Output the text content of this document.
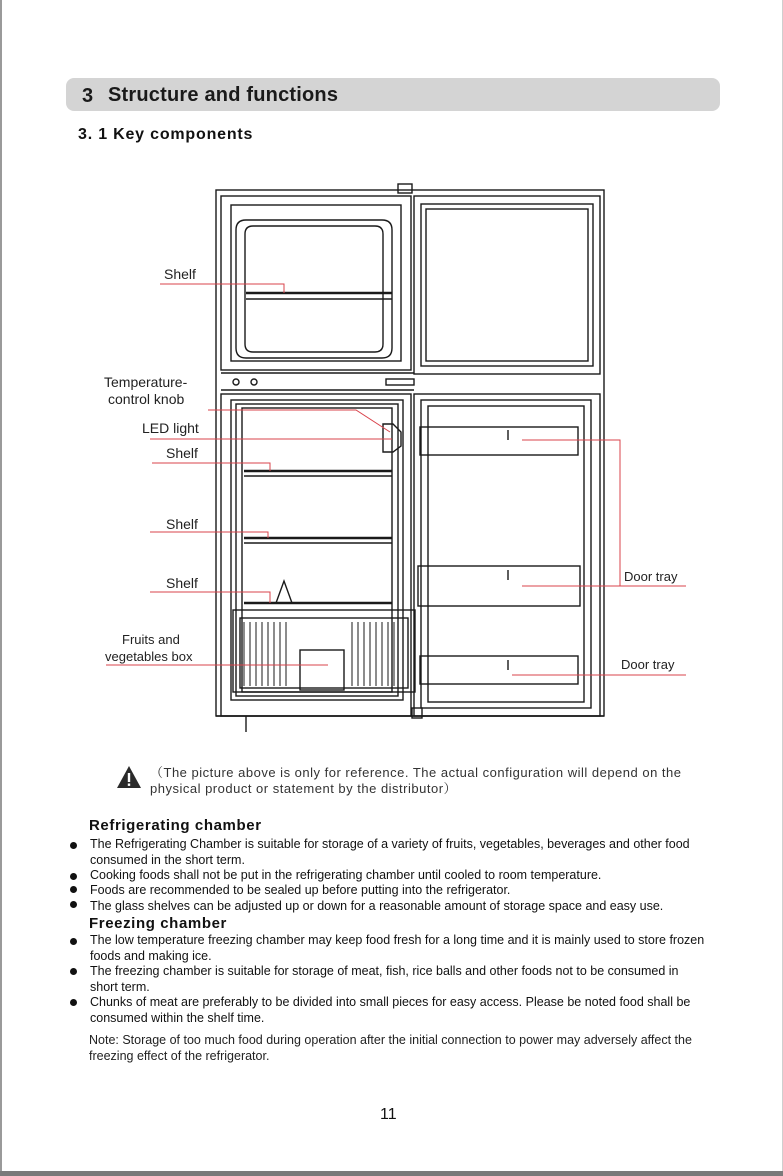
3 Structure and functions
3. 1 Key components
Shelf
Temperature-
control knob
LED light
Shelf
Shelf
Shelf
Fruits and
vegetables box
Door tray
Door tray
（The picture above is only for reference. The actual configuration will depend on the physical product or statement by the distributor）
Refrigerating chamber
The Refrigerating Chamber is suitable for storage of a variety of fruits, vegetables, beverages and other food consumed in the short term.
Cooking foods shall not be put in the refrigerating chamber until cooled to room temperature.
Foods are recommended to be sealed up before putting into the refrigerator.
The glass shelves can be adjusted up or down for a reasonable amount of storage space and easy use.
Freezing chamber
The low temperature freezing chamber may keep food fresh for a long time and it is mainly used to store frozen foods and making ice.
The freezing chamber is suitable for storage of meat, fish, rice balls and other foods not to be consumed in short term.
Chunks of meat are preferably to be divided into small pieces for easy access. Please be noted food shall be consumed within the shelf time.
Note: Storage of too much food during operation after the initial connection to power may adversely affect the freezing effect of the refrigerator.
11
